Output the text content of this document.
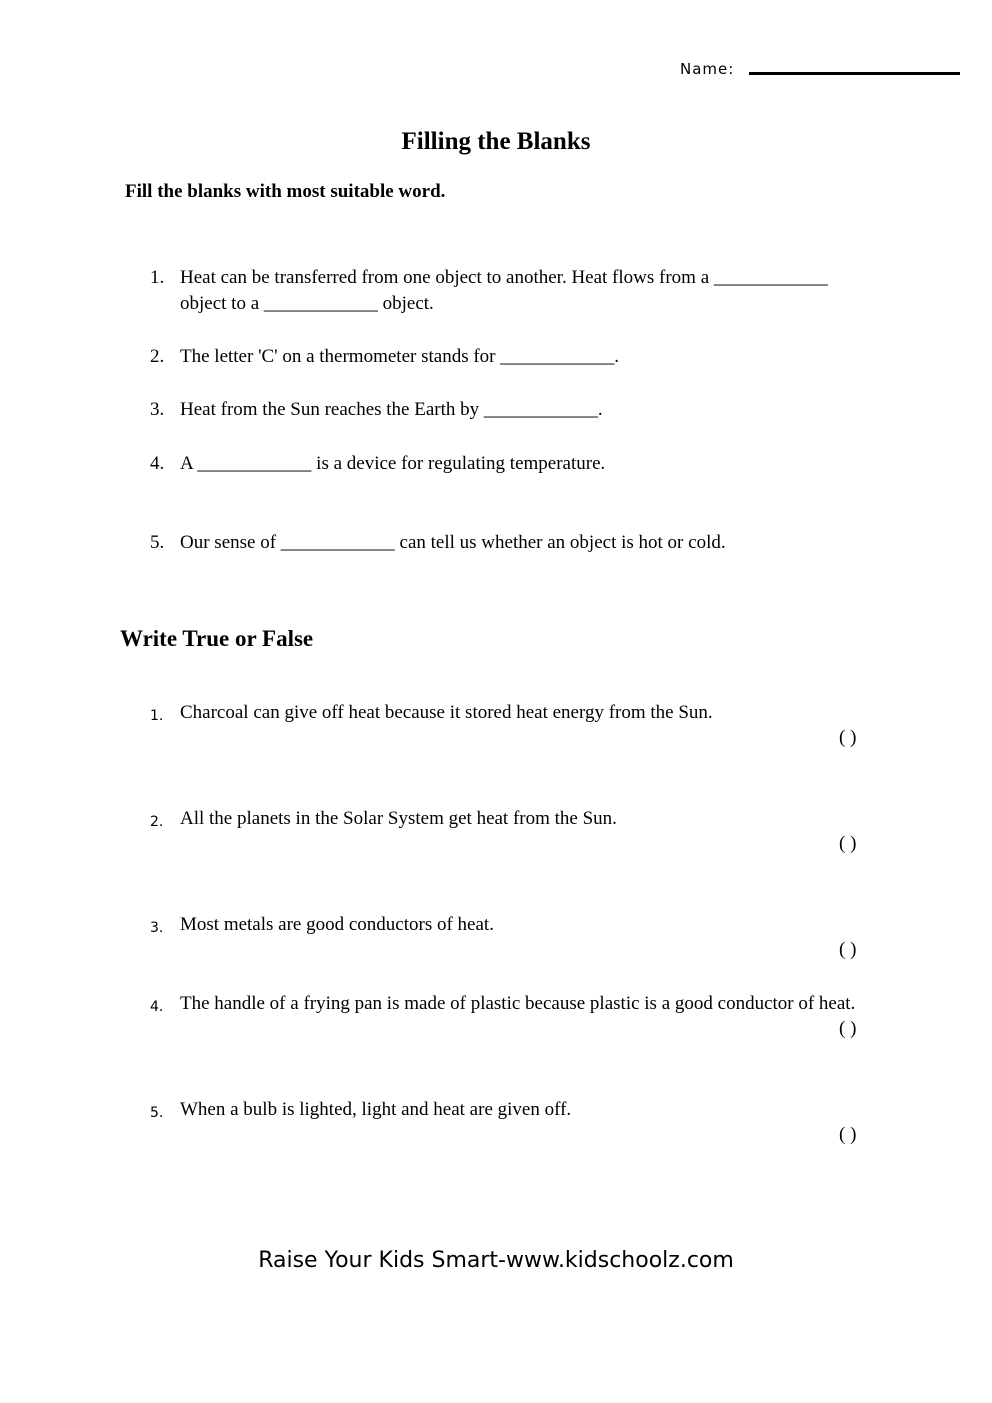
Name:
Filling the Blanks
Fill the blanks with most suitable word.
1. Heat can be transferred from one object to another. Heat flows from a ____________ object to a ____________ object.
2. The letter 'C' on a thermometer stands for ____________.
3. Heat from the Sun reaches the Earth by ____________.
4. A ____________ is a device for regulating temperature.
5. Our sense of ____________ can tell us whether an object is hot or cold.
Write True or False
1. Charcoal can give off heat because it stored heat energy from the Sun.
( )
2. All the planets in the Solar System get heat from the Sun.
( )
3. Most metals are good conductors of heat.
( )
4. The handle of a frying pan is made of plastic because plastic is a good conductor of heat.
( )
5. When a bulb is lighted, light and heat are given off.
( )
Raise Your Kids Smart-www.kidschoolz.com
